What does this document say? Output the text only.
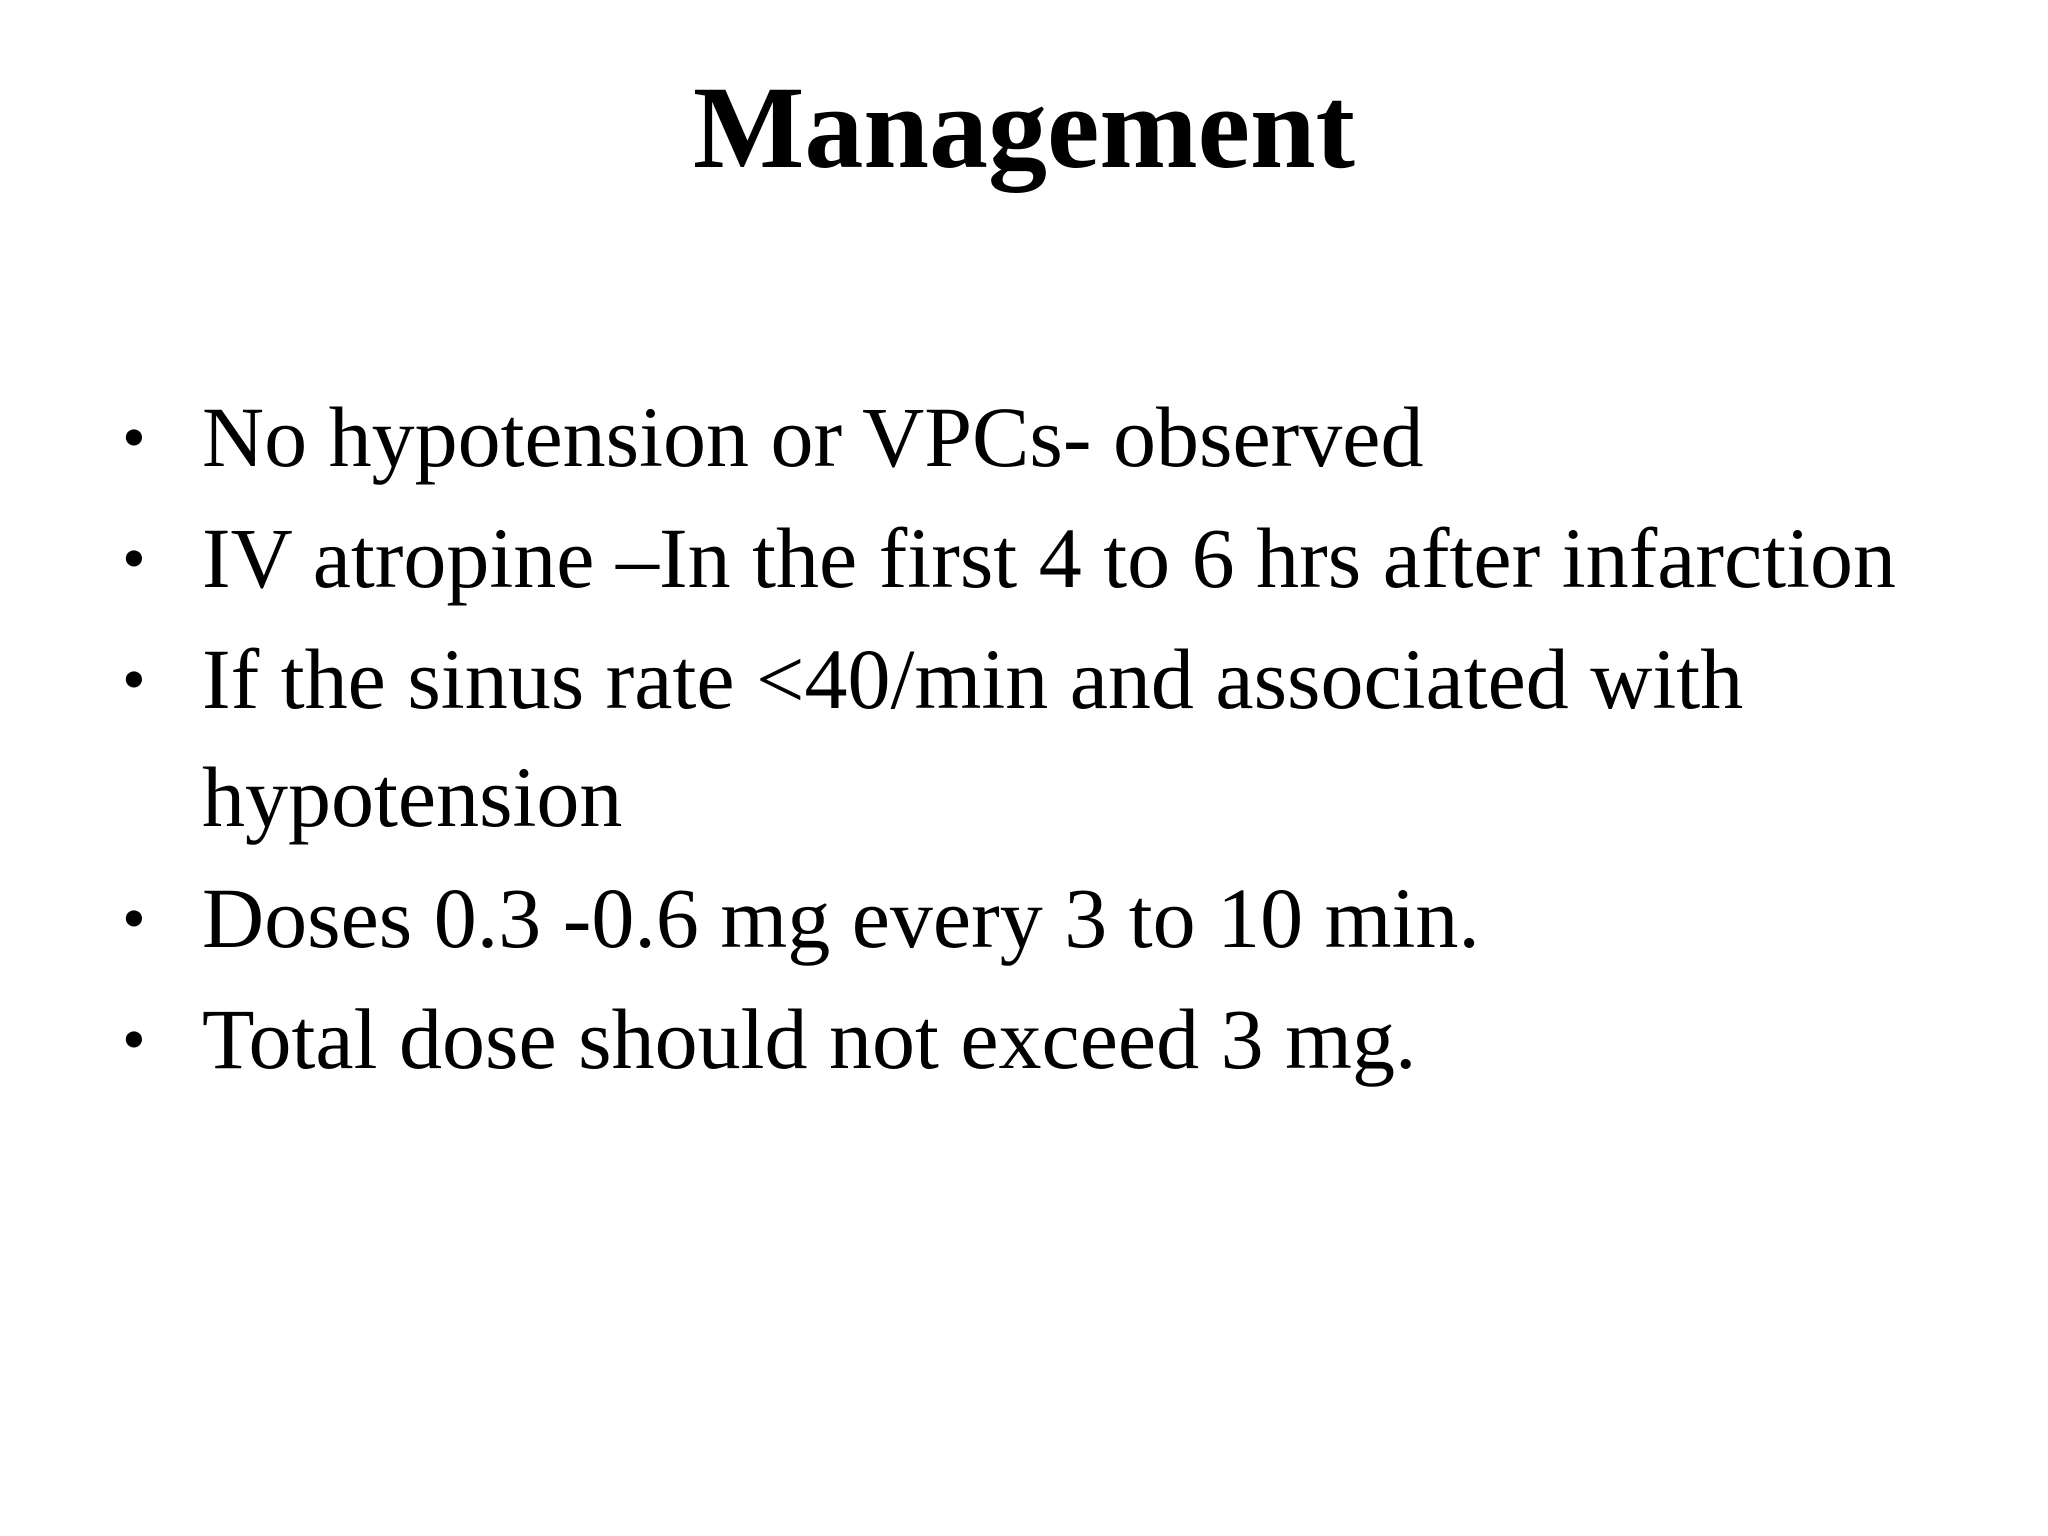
Management
• No hypotension or VPCs- observed
• IV atropine –In the first 4 to 6 hrs after infarction
• If the sinus rate <40/min and associated with hypotension
• Doses 0.3 -0.6 mg every 3 to 10 min.
• Total dose should not exceed 3 mg.
